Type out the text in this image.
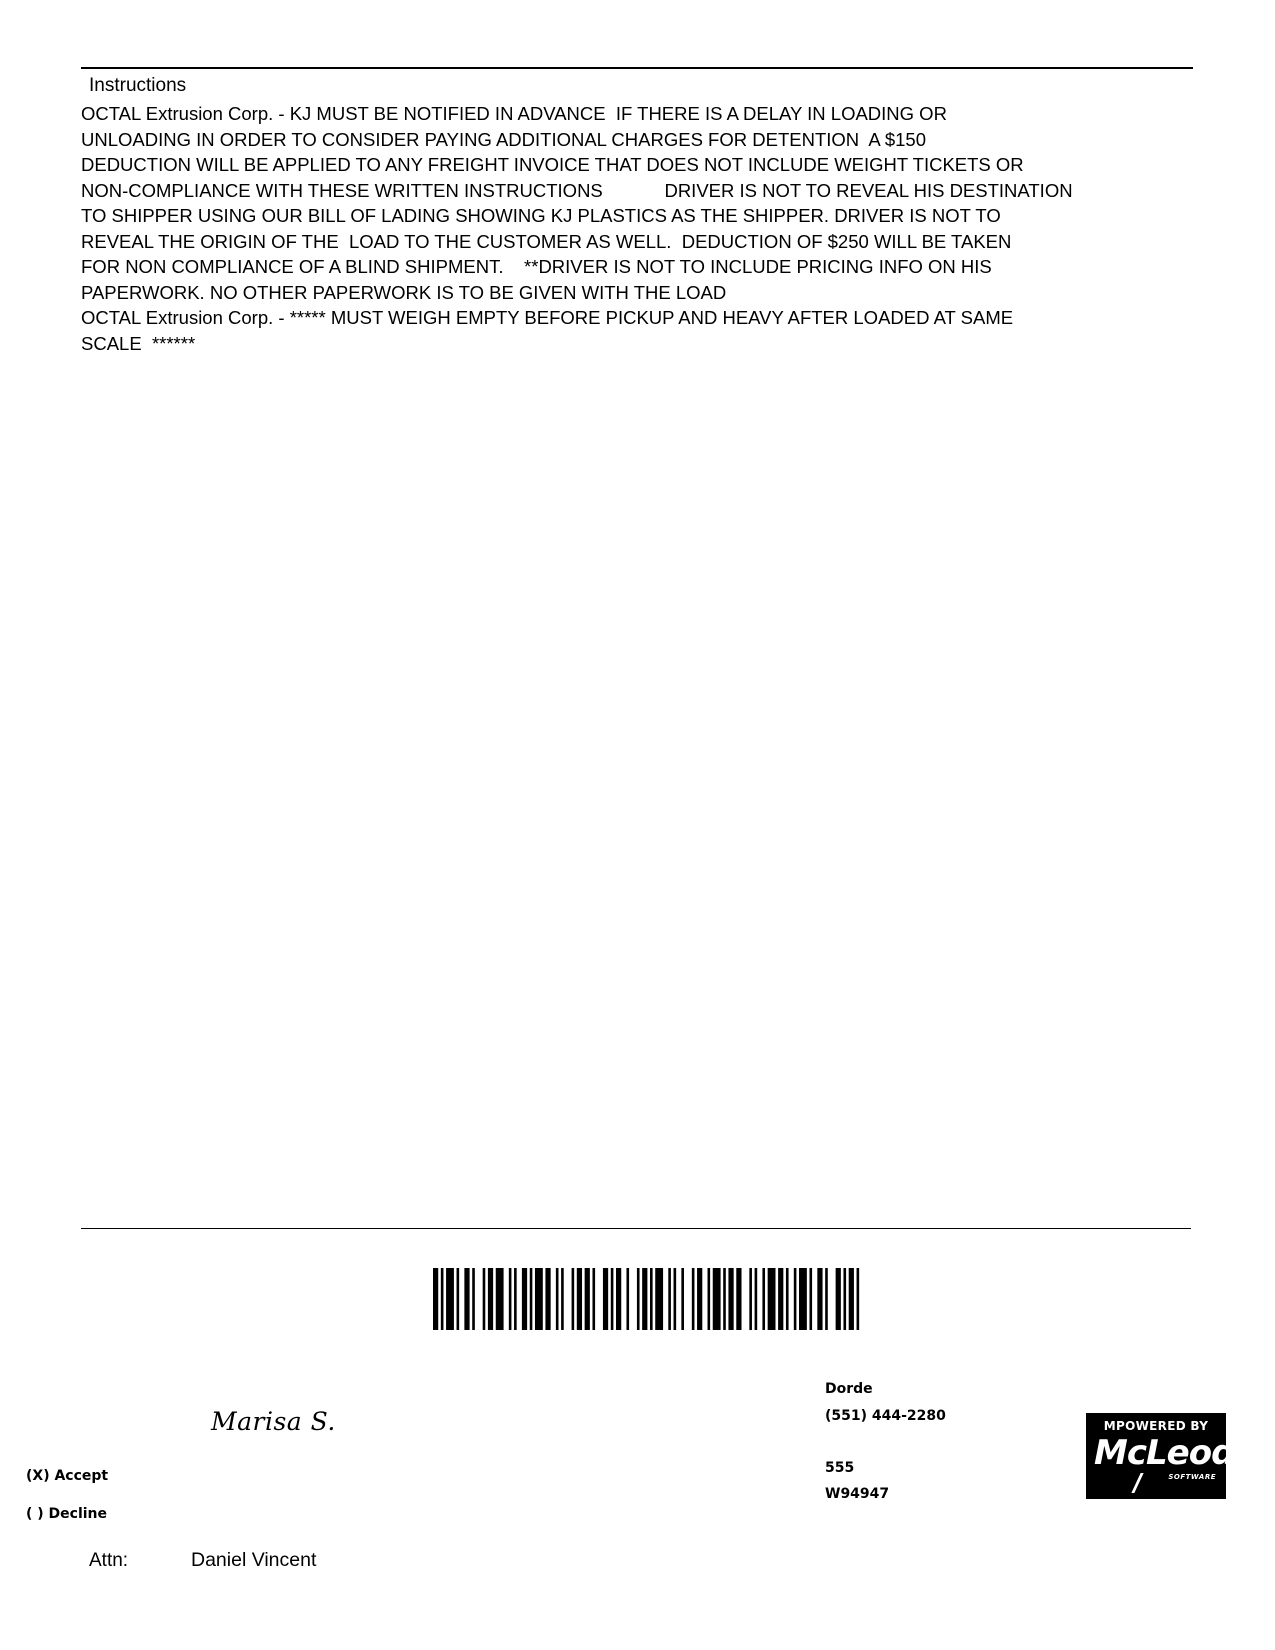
Instructions
OCTAL Extrusion Corp. - KJ MUST BE NOTIFIED IN ADVANCE  IF THERE IS A DELAY IN LOADING OR
UNLOADING IN ORDER TO CONSIDER PAYING ADDITIONAL CHARGES FOR DETENTION  A $150
DEDUCTION WILL BE APPLIED TO ANY FREIGHT INVOICE THAT DOES NOT INCLUDE WEIGHT TICKETS OR
NON-COMPLIANCE WITH THESE WRITTEN INSTRUCTIONS            DRIVER IS NOT TO REVEAL HIS DESTINATION
TO SHIPPER USING OUR BILL OF LADING SHOWING KJ PLASTICS AS THE SHIPPER. DRIVER IS NOT TO
REVEAL THE ORIGIN OF THE  LOAD TO THE CUSTOMER AS WELL.  DEDUCTION OF $250 WILL BE TAKEN
FOR NON COMPLIANCE OF A BLIND SHIPMENT.    **DRIVER IS NOT TO INCLUDE PRICING INFO ON HIS
PAPERWORK. NO OTHER PAPERWORK IS TO BE GIVEN WITH THE LOAD
OCTAL Extrusion Corp. - ***** MUST WEIGH EMPTY BEFORE PICKUP AND HEAVY AFTER LOADED AT SAME
SCALE  ******
Marisa S.
(X) Accept
( ) Decline
Dorde
(551) 444-2280
555
W94947
Attn:	Daniel Vincent
MPOWERED BY
McLeod
SOFTWARE
